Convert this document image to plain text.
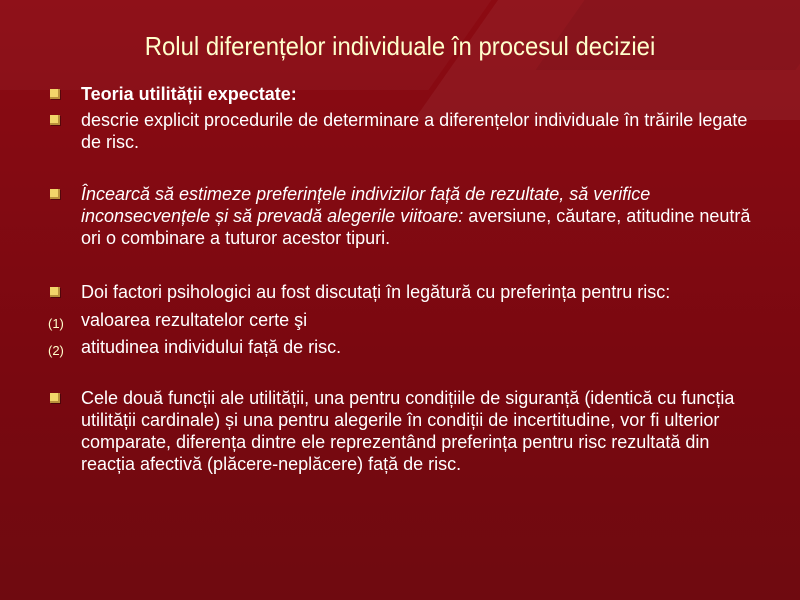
Rolul diferențelor individuale în procesul deciziei
Teoria utilității expectate:
descrie explicit procedurile de determinare a diferențelor individuale în trăirile legate de risc.
Încearcă să estimeze preferințele indivizilor față de rezultate, să verifice inconsecvențele și să prevadă alegerile viitoare: aversiune, căutare, atitudine neutră ori o combinare a tuturor acestor tipuri.
Doi factori psihologici au fost discutați în legătură cu preferința pentru risc:
(1) valoarea rezultatelor certe şi
(2) atitudinea individului față de risc.
Cele două funcții ale utilității, una pentru condițiile de siguranță (identică cu funcția utilității cardinale) și una pentru alegerile în condiții de incertitudine, vor fi ulterior comparate, diferența dintre ele reprezentând preferința pentru risc rezultată din reacția afectivă (plăcere-neplăcere) față de risc.
